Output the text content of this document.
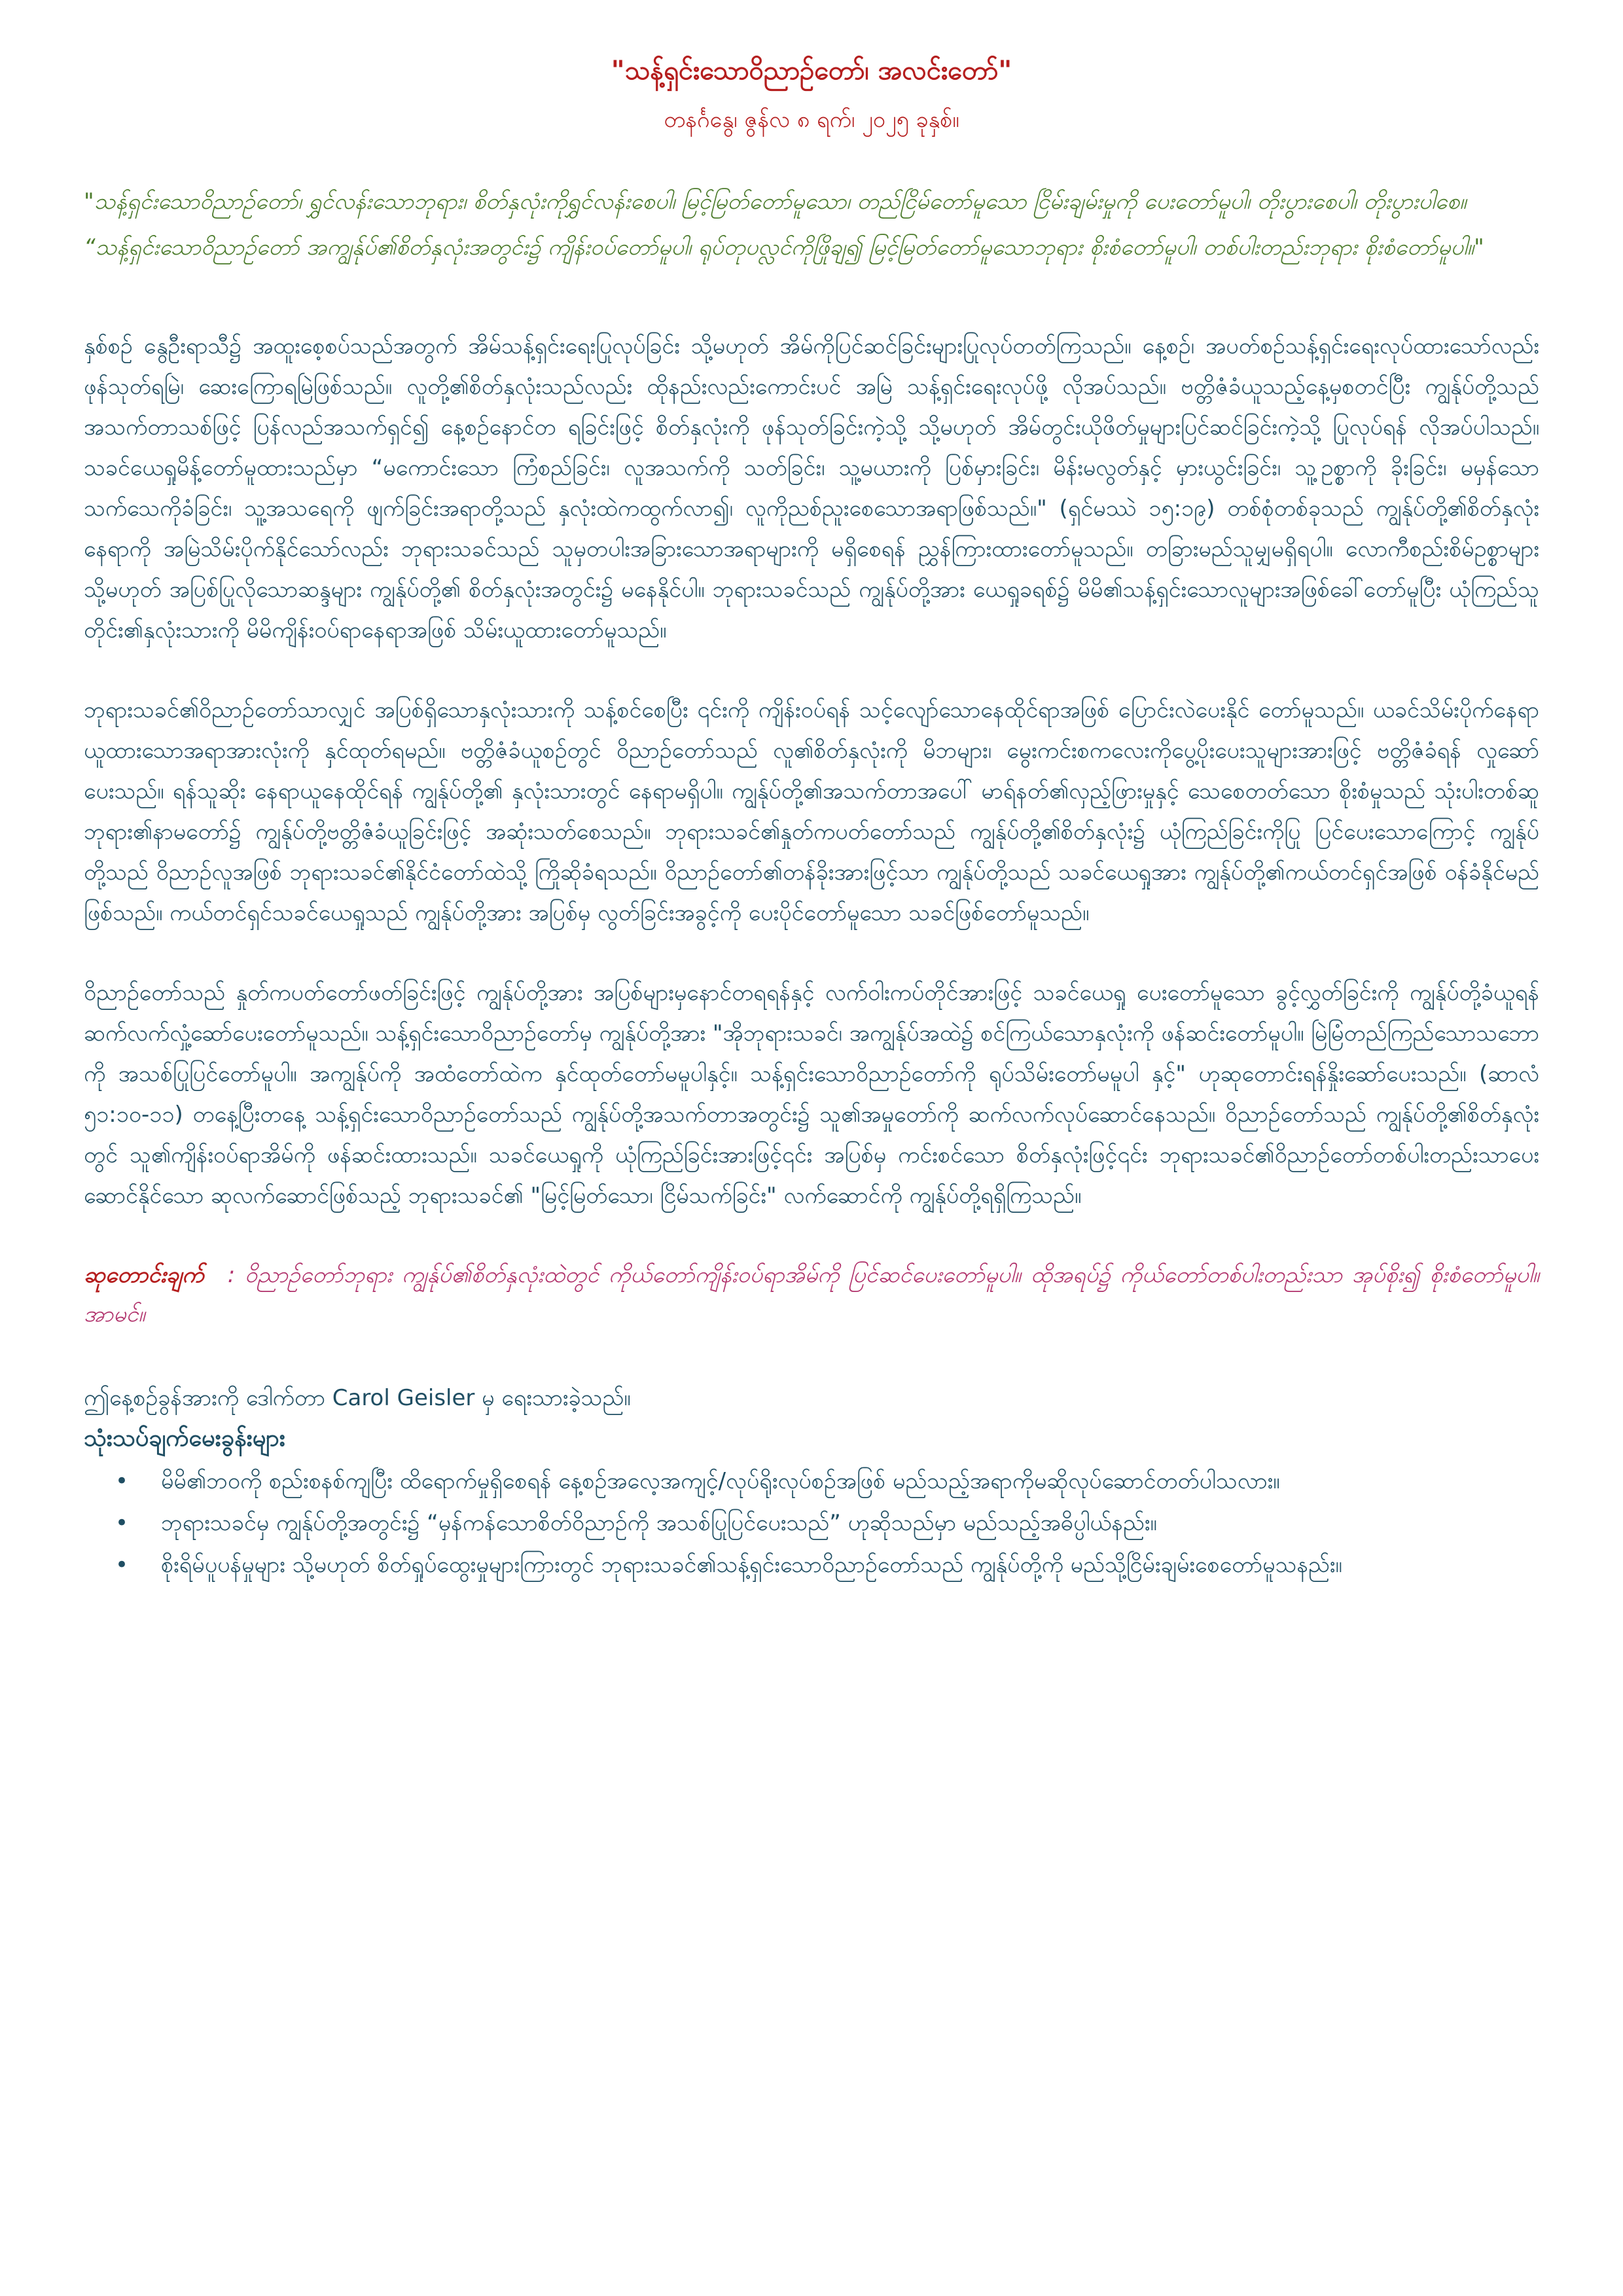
"သန့်ရှင်းသောဝိညာဉ်တော်၊ အလင်းတော်"
တနင်္ဂနွေ၊ ဇွန်လ ၈ ရက်၊ ၂၀၂၅ ခုနှစ်။

"သန့်ရှင်းသောဝိညာဉ်တော်၊ ရွှင်လန်းသောဘုရား၊ စိတ်နှလုံးကိုရွှင်လန်းစေပါ၊ မြင့်မြတ်တော်မူသော၊ တည်ငြိမ်တော်မူသော ငြိမ်းချမ်းမှုကို ပေးတော်မူပါ၊ တိုးပွားစေပါ၊ တိုးပွားပါစေ။

“သန့်ရှင်းသောဝိညာဉ်တော် အကျွန်ုပ်၏စိတ်နှလုံးအတွင်း၌ ကျိန်းဝပ်တော်မူပါ၊ ရုပ်တုပလ္လင်ကိုဖြိုချ၍ မြင့်မြတ်တော်မူသောဘုရား စိုးစံတော်မူပါ၊ တစ်ပါးတည်းဘုရား စိုးစံတော်မူပါ။"

နှစ်စဉ် နွေဦးရာသီ၌ အထူးစေ့စပ်သည်အတွက် အိမ်သန့်ရှင်းရေးပြုလုပ်ခြင်း သို့မဟုတ် အိမ်ကိုပြင်ဆင်ခြင်းများပြုလုပ်တတ်ကြသည်။ နေ့စဉ်၊ အပတ်စဉ်သန့်ရှင်းရေးလုပ်ထားသော်လည်း ဖုန်သုတ်ရမြဲ၊ ဆေးကြောရမြဲဖြစ်သည်။ လူတို့၏စိတ်နှလုံးသည်လည်း ထိုနည်းလည်းကောင်းပင် အမြဲ သန့်ရှင်းရေးလုပ်ဖို့ လိုအပ်သည်။ ဗတ္တိဇံခံယူသည့်နေ့မှစတင်ပြီး ကျွန်ုပ်တို့သည် အသက်တာသစ်ဖြင့် ပြန်လည်အသက်ရှင်၍ နေ့စဉ်နောင်တ ရခြင်းဖြင့် စိတ်နှလုံးကို ဖုန်သုတ်ခြင်းကဲ့သို့ သို့မဟုတ် အိမ်တွင်းယိုဖိတ်မှုများပြင်ဆင်ခြင်းကဲ့သို့ ပြုလုပ်ရန် လိုအပ်ပါသည်။ သခင်ယေရှုမိန့်တော်မူထားသည်မှာ “မကောင်းသော ကြံစည်ခြင်း၊ လူအသက်ကို သတ်ခြင်း၊ သူ့မယားကို ပြစ်မှားခြင်း၊ မိန်းမလွတ်နှင့် မှားယွင်းခြင်း၊ သူ့ဥစ္စာကို ခိုးခြင်း၊ မမှန်သော သက်သေကိုခံခြင်း၊ သူ့အသရေကို ဖျက်ခြင်းအရာတို့သည် နှလုံးထဲကထွက်လာ၍၊ လူကိုညစ်ညူးစေသောအရာဖြစ်သည်။" (ရှင်မဿဲ ၁၅:၁၉) တစ်စုံတစ်ခုသည် ကျွန်ုပ်တို့၏စိတ်နှလုံးနေရာကို အမြဲသိမ်းပိုက်နိုင်သော်လည်း ဘုရားသခင်သည် သူမှတပါးအခြားသောအရာများကို မရှိစေရန် ညွှန်ကြားထားတော်မူသည်။ တခြားမည်သူမျှမရှိရပါ။ လောကီစည်းစိမ်ဥစ္စာများ သို့မဟုတ် အပြစ်ပြုလိုသောဆန္ဒများ ကျွန်ုပ်တို့၏ စိတ်နှလုံးအတွင်း၌ မနေနိုင်ပါ။ ဘုရားသခင်သည် ကျွန်ုပ်တို့အား ယေရှုခရစ်၌ မိမိ၏သန့်ရှင်းသောလူများအဖြစ်ခေါ်တော်မူပြီး ယုံကြည်သူတိုင်း၏နှလုံးသားကို မိမိကျိန်းဝပ်ရာနေရာအဖြစ် သိမ်းယူထားတော်မူသည်။

ဘုရားသခင်၏ဝိညာဉ်တော်သာလျှင် အပြစ်ရှိသောနှလုံးသားကို သန့်စင်စေပြီး ၎င်းကို ကျိန်းဝပ်ရန် သင့်လျော်သောနေထိုင်ရာအဖြစ် ပြောင်းလဲပေးနိုင် တော်မူသည်။ ယခင်သိမ်းပိုက်နေရာယူထားသောအရာအားလုံးကို နှင်ထုတ်ရမည်။ ဗတ္တိဇံခံယူစဉ်တွင် ဝိညာဉ်တော်သည် လူ၏စိတ်နှလုံးကို မိဘများ၊ မွေးကင်းစကလေးကိုပွေ့ပိုးပေးသူများအားဖြင့် ဗတ္တိဇံခံရန် လှုဆော်ပေးသည်။ ရန်သူဆိုး နေရာယူနေထိုင်ရန် ကျွန်ုပ်တို့၏ နှလုံးသားတွင် နေရာမရှိပါ။ ကျွန်ုပ်တို့၏အသက်တာအပေါ် မာရ်နတ်၏လှည့်ဖြားမှုနှင့် သေစေတတ်သော စိုးစံမှုသည် သုံးပါးတစ်ဆူဘုရား၏နာမတော်၌ ကျွန်ုပ်တို့ဗတ္တိဇံခံယူခြင်းဖြင့် အဆုံးသတ်စေသည်။ ဘုရားသခင်၏နှုတ်ကပတ်တော်သည် ကျွန်ုပ်တို့၏စိတ်နှလုံး၌ ယုံကြည်ခြင်းကိုပြု ပြင်ပေးသောကြောင့် ကျွန်ုပ်တို့သည် ဝိညာဉ်လူအဖြစ် ဘုရားသခင်၏နိုင်ငံတော်ထဲသို့ ကြိုဆိုခံရသည်။ ဝိညာဉ်တော်၏တန်ခိုးအားဖြင့်သာ ကျွန်ုပ်တို့သည် သခင်ယေရှုအား ကျွန်ုပ်တို့၏ကယ်တင်ရှင်အဖြစ် ဝန်ခံနိုင်မည်ဖြစ်သည်။ ကယ်တင်ရှင်သခင်ယေရှုသည် ကျွန်ုပ်တို့အား အပြစ်မှ လွတ်ခြင်းအခွင့်ကို ပေးပိုင်တော်မူသော သခင်ဖြစ်တော်မူသည်။

ဝိညာဉ်တော်သည် နှုတ်ကပတ်တော်ဖတ်ခြင်းဖြင့် ကျွန်ုပ်တို့အား အပြစ်များမှနောင်တရရန်နှင့် လက်ဝါးကပ်တိုင်အားဖြင့် သခင်ယေရှု ပေးတော်မူသော ခွင့်လွှတ်ခြင်းကို ကျွန်ုပ်တို့ခံယူရန် ဆက်လက်လှုံ့ဆော်ပေးတော်မူသည်။ သန့်ရှင်းသောဝိညာဉ်တော်မှ ကျွန်ုပ်တို့အား "အိုဘုရားသခင်၊ အကျွန်ုပ်အထဲ၌ စင်ကြယ်သောနှလုံးကို ဖန်ဆင်းတော်မူပါ။ မြဲမြံတည်ကြည်သောသဘောကို အသစ်ပြုပြင်တော်မူပါ။ အကျွန်ုပ်ကို အထံတော်ထဲက နှင်ထုတ်တော်မမူပါနှင့်။ သန့်ရှင်းသောဝိညာဉ်တော်ကို ရုပ်သိမ်းတော်မမူပါ နှင့်" ဟုဆုတောင်းရန်နှိုးဆော်ပေးသည်။ (ဆာလံ ၅၁:၁၀-၁၁) တနေ့ပြီးတနေ့ သန့်ရှင်းသောဝိညာဉ်တော်သည် ကျွန်ုပ်တို့အသက်တာအတွင်း၌ သူ၏အမှုတော်ကို ဆက်လက်လုပ်ဆောင်နေသည်။ ဝိညာဉ်တော်သည် ကျွန်ုပ်တို့၏စိတ်နှလုံးတွင် သူ၏ကျိန်းဝပ်ရာအိမ်ကို ဖန်ဆင်းထားသည်။ သခင်ယေရှုကို ယုံကြည်ခြင်းအားဖြင့်၎င်း အပြစ်မှ ကင်းစင်သော စိတ်နှလုံးဖြင့်၎င်း ဘုရားသခင်၏ဝိညာဉ်တော်တစ်ပါးတည်းသာပေးဆောင်နိုင်သော ဆုလက်ဆောင်ဖြစ်သည့် ဘုရားသခင်၏ "မြင့်မြတ်သော၊ ငြိမ်သက်ခြင်း" လက်ဆောင်ကို ကျွန်ုပ်တို့ရရှိကြသည်။

ဆုတောင်းချက် : ဝိညာဉ်တော်ဘုရား ကျွန်ုပ်၏စိတ်နှလုံးထဲတွင် ကိုယ်တော်ကျိန်းဝပ်ရာအိမ်ကို ပြင်ဆင်ပေးတော်မူပါ။ ထိုအရပ်၌ ကိုယ်တော်တစ်ပါးတည်းသာ အုပ်စိုး၍ စိုးစံတော်မူပါ။ အာမင်။
ဤနေ့စဉ်ခွန်အားကို ဒေါက်တာ Carol Geisler မှ ရေးသားခဲ့သည်။
သုံးသပ်ချက်မေးခွန်းများ
• မိမိ၏ဘဝကို စည်းစနစ်ကျပြီး ထိရောက်မှုရှိစေရန် နေ့စဉ်အလေ့အကျင့်/လုပ်ရိုးလုပ်စဉ်အဖြစ် မည်သည့်အရာကိုမဆိုလုပ်ဆောင်တတ်ပါသလား။
• ဘုရားသခင်မှ ကျွန်ုပ်တို့အတွင်း၌ “မှန်ကန်သောစိတ်ဝိညာဉ်ကို အသစ်ပြုပြင်ပေးသည်” ဟုဆိုသည်မှာ မည်သည့်အဓိပ္ပါယ်နည်း။
• စိုးရိမ်ပူပန်မှုများ သို့မဟုတ် စိတ်ရှုပ်ထွေးမှုများကြားတွင် ဘုရားသခင်၏သန့်ရှင်းသောဝိညာဉ်တော်သည် ကျွန်ုပ်တို့ကို မည်သို့ငြိမ်းချမ်းစေတော်မူသနည်း။
